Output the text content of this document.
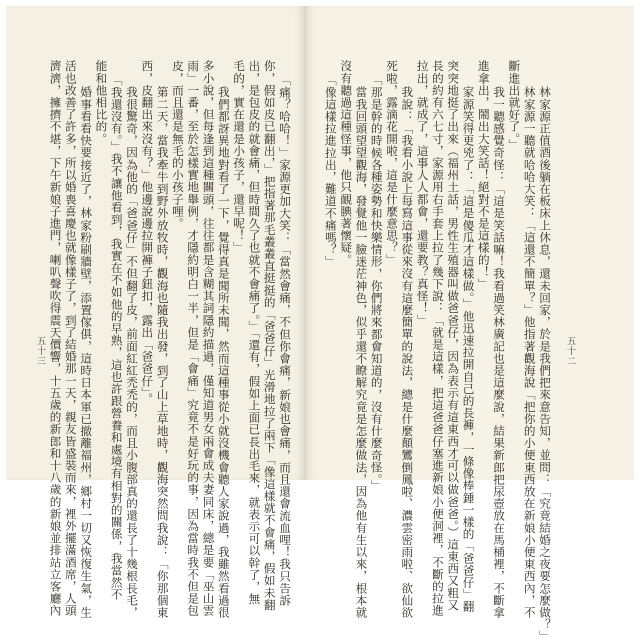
「痛？哈哈！」家源更加大笑：「當然會痛，不但你會痛，新娘也會痛，而且還會流血哩！我只告訴
你，假如皮已翻出，」把指著那毛叢叢直挺挺的「爸爸仔」光滑地拉了兩下「像這樣就不會痛，假如未翻
出，是包皮的就會痛，但時間久了也就不會痛了。」「還有，假如上面已長出毛來，就表示可以幹了，無
毛的，實在還是小孩子，還早呢！」
我們都訝異地對看了一下，覺得真是聞所未聞，然而這種事從小就沒機會聽人家說過，我雖然看過很
多小說，但每逢到這種關頭，往往都是含糊其詞隱約描過，僅知道男女兩會成夫妻同床，總是要「巫山雲
雨」一番，至於怎樣實地舉例，才隱約明白一半，但是「會痛」究竟不是好玩的事，因為當時我不但是包
皮，而且還是無毛的小孩子哩。
第二天，當我牽牛到野外放牧時，觀海也隨我出發，到了山上草地時，觀海突然問我說：「你那個東
西，皮翻出來沒有？」他邊說邊拉開褲子鈕扣，露出「爸爸仔」。
我很驚奇，因為他的「爸爸仔」不但翻了皮，前面紅紅禿禿的，而且小腹部真的還長了十幾根長毛，
「我還沒有。」我不讓他看到，我實在不如他的早熟，這也許跟營養和處境有相對的關係，我當然不
能和他相比的。
婚事看看快要接近了，林家粉刷牆壁，添置傢俱，這時日本軍已撤離福州，鄉村一切又恢復生氣，生
活也改善了許多，所以婚喪喜慶也就像樣子了，到了結婚那一天，親友皆盛裝而來，裡外擺滿酒席，人頭
濟濟，擁擠不堪，下午新娘子進門，喇叭聲吹得震天價響，十五歲的新郎和十八歲的新娘並排站立客廳內
五十三	林家源正值酒後躺在板床上休息，還未回家，於是我們把來意告知，並問：「究竟結婚之夜要怎麼做？」
林家源一聽就哈哈大笑：「這還不簡單？」他指著觀海說「把你的小便東西放在新娘小便東西內，不
斷進出就好了。」
我一聽感覺奇怪：「這是笑話嘛！我看過笑林廣記也是這麼說，結果新郎把尿壺放在馬桶裡，不斷拿
進拿出，鬧出大笑話！絕對不是這樣的！」
家源笑得更兇了：「這是傻瓜才這樣做。」他迅速拉開自己的長褲，一條像棒錘一樣的「爸爸仔」翻
突突地挺了出來（福州土話，男性生殖器叫做爸爸仔，因為表示有這東西才可以做爸爸。）這東西又粗又
長的約有六七寸，家源用右手套上拉了幾下說：「就是這樣，把這爸爸仔塞進新娘小便洞裡，不斷的拉進
拉出，就成了，這事人人都會，還要教？真怪！」
我說：「我看小說上每寫這事從來沒有這麼簡單的說法，總是什麼顛鸞倒鳳啦、濃雲密雨啦、欲仙欲
死啦，露滴花開啦，這是什麼意思？」
「那是幹的時候各種姿勢和快樂情形，你們將來都會知道的，沒有什麼奇怪。」
當我回頭望望觀海，發覺他一臉迷茫神色，似乎還不瞭解究竟是怎麼做法，因為他有生以來，根本就
沒有聽過這種怪事，他只靦腆著懷疑。
「像這樣拉進拉出，難道不痛嗎？」
五十二
